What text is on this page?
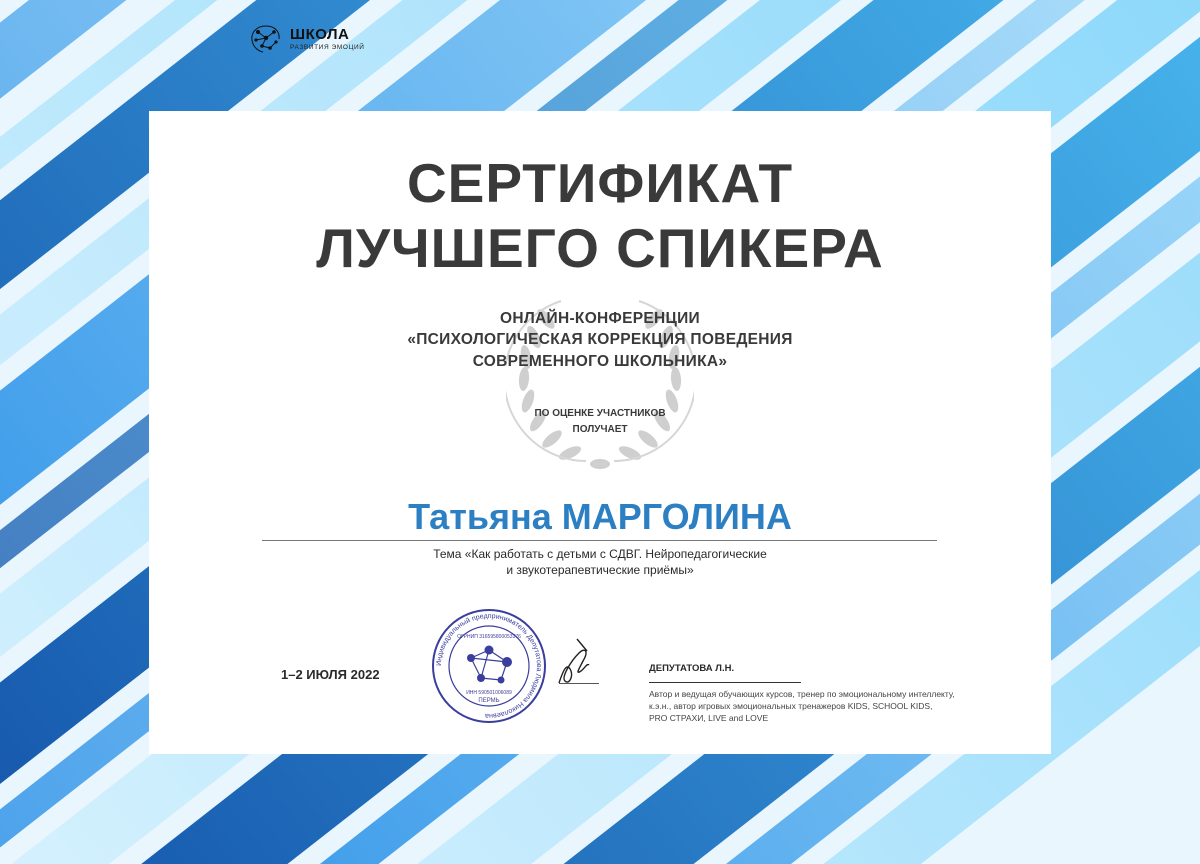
ШКОЛА
РАЗВИТИЯ ЭМОЦИЙ

СЕРТИФИКАТ

ЛУЧШЕГО СПИКЕРА

ОНЛАЙН-КОНФЕРЕНЦИИ

«ПСИХОЛОГИЧЕСКАЯ КОРРЕКЦИЯ ПОВЕДЕНИЯ

СОВРЕМЕННОГО ШКОЛЬНИКА»

ПО ОЦЕНКЕ УЧАСТНИКОВ

ПОЛУЧАЕТ

Татьяна МАРГОЛИНА

Тема «Как работать с детьми с СДВГ. Нейропедагогические

и звукотерапевтические приёмы»

1–2 ИЮЛЯ 2022

Индивидуальный предприниматель Депутатова Людмила Николаевна
ОГРНИП 316595800053376
ИНН 590501006089
ПЕРМЬ

ДЕПУТАТОВА Л.Н.

Автор и ведущая обучающих курсов, тренер по эмоциональному интеллекту,

к.э.н., автор игровых эмоциональных тренажеров KIDS, SCHOOL KIDS,

PRO СТРАХИ, LIVE and LOVE
